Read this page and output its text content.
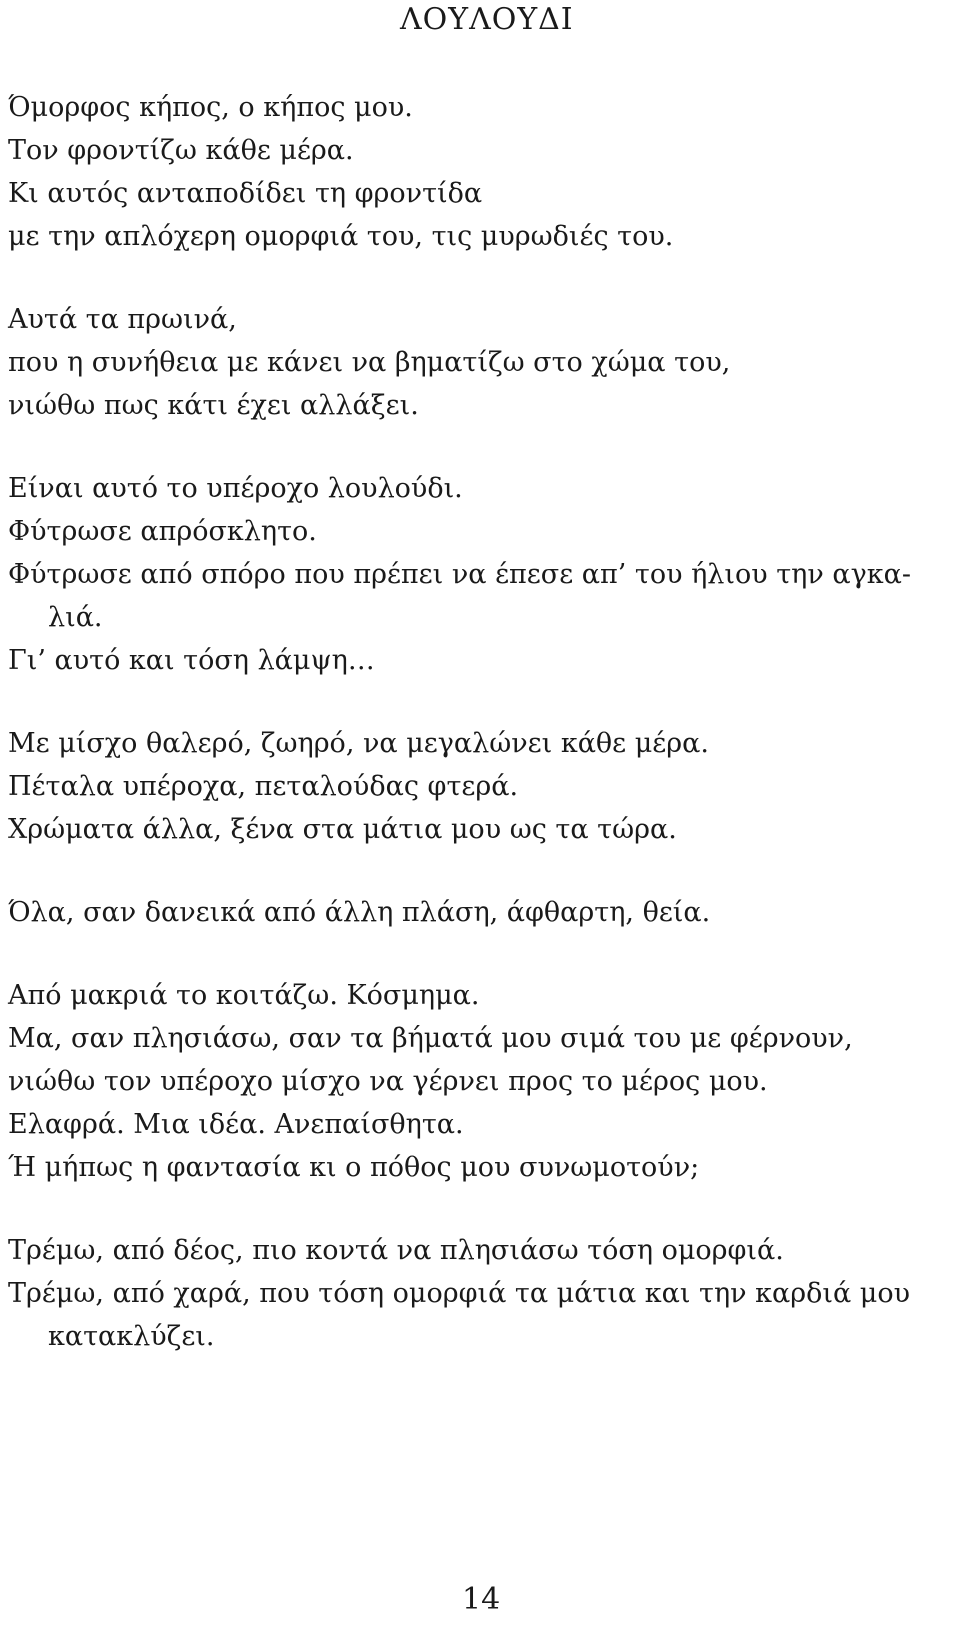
ΛΟΥΛΟΥΔΙ
Όμορφος κήπος, ο κήπος μου.
Τον φροντίζω κάθε μέρα.
Κι αυτός ανταποδίδει τη φροντίδα
με την απλόχερη ομορφιά του, τις μυρωδιές του.
Αυτά τα πρωινά,
που η συνήθεια με κάνει να βηματίζω στο χώμα του,
νιώθω πως κάτι έχει αλλάξει.
Είναι αυτό το υπέροχο λουλούδι.
Φύτρωσε απρόσκλητο.
Φύτρωσε από σπόρο που πρέπει να έπεσε απ’ του ήλιου την αγκα-
λιά.
Γι’ αυτό και τόση λάμψη…
Με μίσχο θαλερό, ζωηρό, να μεγαλώνει κάθε μέρα.
Πέταλα υπέροχα, πεταλούδας φτερά.
Χρώματα άλλα, ξένα στα μάτια μου ως τα τώρα.
Όλα, σαν δανεικά από άλλη πλάση, άφθαρτη, θεία.
Από μακριά το κοιτάζω. Κόσμημα.
Μα, σαν πλησιάσω, σαν τα βήματά μου σιμά του με φέρνουν,
νιώθω τον υπέροχο μίσχο να γέρνει προς το μέρος μου.
Ελαφρά. Μια ιδέα. Ανεπαίσθητα.
Ή μήπως η φαντασία κι ο πόθος μου συνωμοτούν;
Τρέμω, από δέος, πιο κοντά να πλησιάσω τόση ομορφιά.
Τρέμω, από χαρά, που τόση ομορφιά τα μάτια και την καρδιά μου
κατακλύζει.
14
